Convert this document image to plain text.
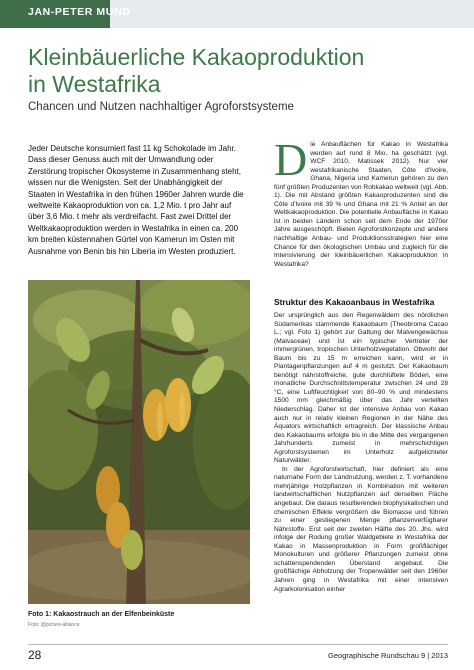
JAN-PETER MUND
Kleinbäuerliche Kakaoproduktion
in Westafrika
Chancen und Nutzen nachhaltiger Agroforstsysteme
Jeder Deutsche konsumiert fast 11 kg Schokolade im Jahr. Dass dieser Genuss auch mit der Umwandlung oder Zerstörung tropischer Ökosysteme in Zusammenhang steht, wissen nur die Wenigsten. Seit der Unabhängigkeit der Staaten in Westafrika in den frühen 1960er Jahren wurde die weltweite Kakaoproduktion von ca. 1,2 Mio. t pro Jahr auf über 3,6 Mio. t mehr als verdreifacht. Fast zwei Drittel der Weltkakaoproduktion werden in Westafrika in einen ca. 200 km breiten küstennahen Gürtel von Kamerun im Osten mit Ausnahme von Benin bis hin Liberia im Westen produziert.
Foto 1: Kakaostrauch an der Elfenbeinküste
Foto: @picture-alliance

Die Anbauflächen für Kakao in Westafrika werden auf rund 8 Mio. ha geschätzt (vgl. WCF 2010, Matissek 2012). Nur vier westafrikanische Staaten, Côte d'Ivoire, Ghana, Nigeria und Kamerun gehören zu den fünf größten Produzenten von Rohkakao weltweit (vgl. Abb. 1). Die mit Abstand größten Kakaoproduzenten sind die Côte d'Ivoire mit 39 % und Ghana mit 21 % Anteil an der Weltkakaoproduktion. Die potentielle Anbaufläche in Kakao ist in beiden Ländern schon seit dem Ende der 1970er Jahre ausgeschöpft. Bieten Agroforstkonzepte und andere nachhaltige Anbau- und Produktionsstrategien hier eine Chance für den ökologischen Umbau und zugleich für die Intensivierung der kleinbäuerlichen Kakaoproduktion in Westafrika?

Struktur des Kakaoanbaus in Westafrika

Der ursprünglich aus den Regenwäldern des nördlichen Südamerikas stammende Kakaobaum (Theobroma Cacao L.; vgl. Foto 1) gehört zur Gattung der Malvengewächse (Malvaceae) und ist ein typischer Vertreter der immergrünen, tropischen Unterholzvegetation. Obwohl der Baum bis zu 15 m erreichen kann, wird er in Plantagenpflanzungen auf 4 m gestutzt. Der Kakaobaum benötigt nährstoffreiche, gute durchlüftete Böden, eine monatliche Durchschnittstemperatur zwischen 24 und 28 °C, eine Luftfeuchtigkeit von 80–90 % und mindestens 1500 mm gleichmäßig über das Jahr verteilten Niederschlag. Daher ist der intensive Anbau von Kakao auch nur in relativ kleinen Regionen in der Nähe des Äquators wirtschaftlich ertragreich. Der klassische Anbau des Kakaobaums erfolgte bis in die Mitte des vergangenen Jahrhunderts zumeist in mehrschichtigen Agroforstsystemen im Unterholz aufgelichteter Naturwälder.

In der Agroforstwirtschaft, hier definiert als eine naturnahe Form der Landnutzung, werden z. T. vorhandene mehrjährige Holzpflanzen in Kombination mit weiteren landwirtschaftlichen Nutzpflanzen auf derselben Fläche angebaut. Die daraus resultierenden biophysikalischen und chemischen Effekte vergrößern die Biomasse und führen zu einer gestiegenen Menge pflanzenverfügbarer Nährstoffe. Erst seit der zweiten Hälfte des 20. Jhs. wird infolge der Rodung großer Waldgebiete in Westafrika der Kakao in Massenproduktion in Form großflächiger Monokulturen und größerer Pflanzungen zumeist ohne schattenspendenden Überstand angebaut. Die großflächige Abholzung der Tropenwälder seit den 1960er Jahren ging in Westafrika mit einer intensiven Agrarkolonisation einher

28	Geographische Rundschau 9 | 2013
